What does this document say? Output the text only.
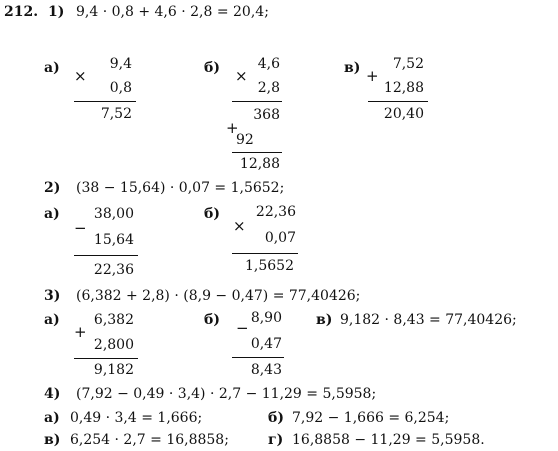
212. 1) 9,4 · 0,8 + 4,6 · 2,8 = 20,4;
а)	9,4
×
0,8
7,52
б)	4,6
×
2,8
368
+
92
12,88
в)	7,52
+
12,88
20,40
2) (38 − 15,64) · 0,07 = 1,5652;
а)	38,00
−
15,64
22,36
б)	22,36
×
0,07
1,5652
3) (6,382 + 2,8) · (8,9 − 0,47) = 77,40426;
а)	6,382
+
2,800
9,182
б) −
8,90
0,47
8,43
в) 9,182 · 8,43 = 77,40426;
4) (7,92 − 0,49 · 3,4) · 2,7 − 11,29 = 5,5958;
а) 0,49 · 3,4 = 1,666;	б) 7,92 − 1,666 = 6,254;
в) 6,254 · 2,7 = 16,8858;	г) 16,8858 − 11,29 = 5,5958.
